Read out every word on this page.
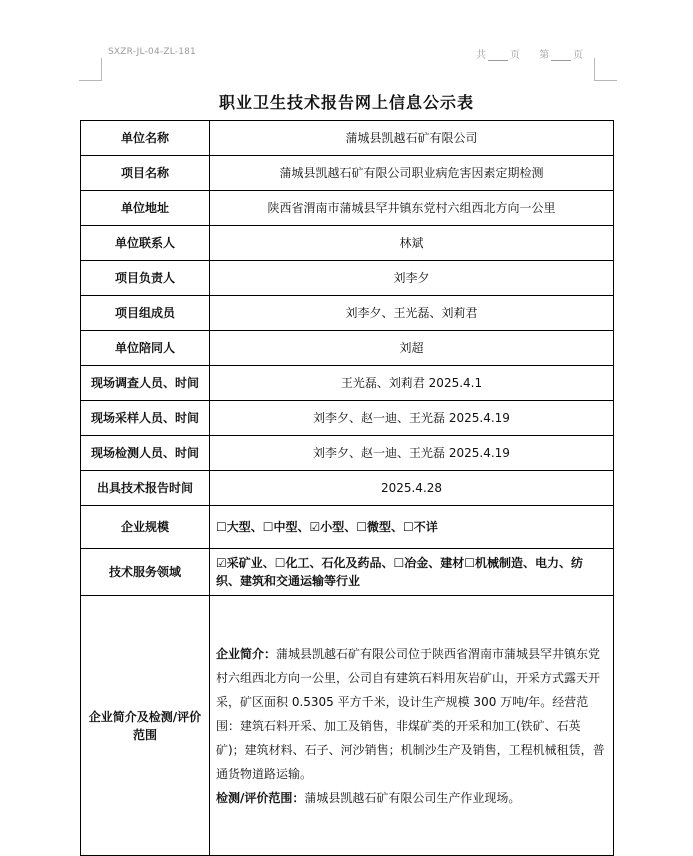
SXZR-JL-04-ZL-181	共 页 第 页
职业卫生技术报告网上信息公示表
单位名称	蒲城县凯越石矿有限公司
项目名称	蒲城县凯越石矿有限公司职业病危害因素定期检测
单位地址	陕西省渭南市蒲城县罕井镇东党村六组西北方向一公里
单位联系人	林斌
项目负责人	刘李夕
项目组成员	刘李夕、王光磊、刘莉君
单位陪同人	刘超
现场调查人员、时间	王光磊、刘莉君 2025.4.1
现场采样人员、时间	刘李夕、赵一迪、王光磊 2025.4.19
现场检测人员、时间	刘李夕、赵一迪、王光磊 2025.4.19
出具技术报告时间	2025.4.28
企业规模	☐大型、☐中型、☑小型、☐微型、☐不详
技术服务领域	☑采矿业、☐化工、石化及药品、☐冶金、建材☐机械制造、电力、纺织、建筑和交通运输等行业
企业简介及检测/评价范围	企业简介：蒲城县凯越石矿有限公司位于陕西省渭南市蒲城县罕井镇东党村六组西北方向一公里，公司自有建筑石料用灰岩矿山，开采方式露天开采，矿区面积 0.5305 平方千米，设计生产规模 300 万吨/年。经营范围：建筑石料开采、加工及销售，非煤矿类的开采和加工(铁矿、石英矿)；建筑材料、石子、河沙销售；机制沙生产及销售，工程机械租赁，普通货物道路运输。
检测/评价范围：蒲城县凯越石矿有限公司生产作业现场。
